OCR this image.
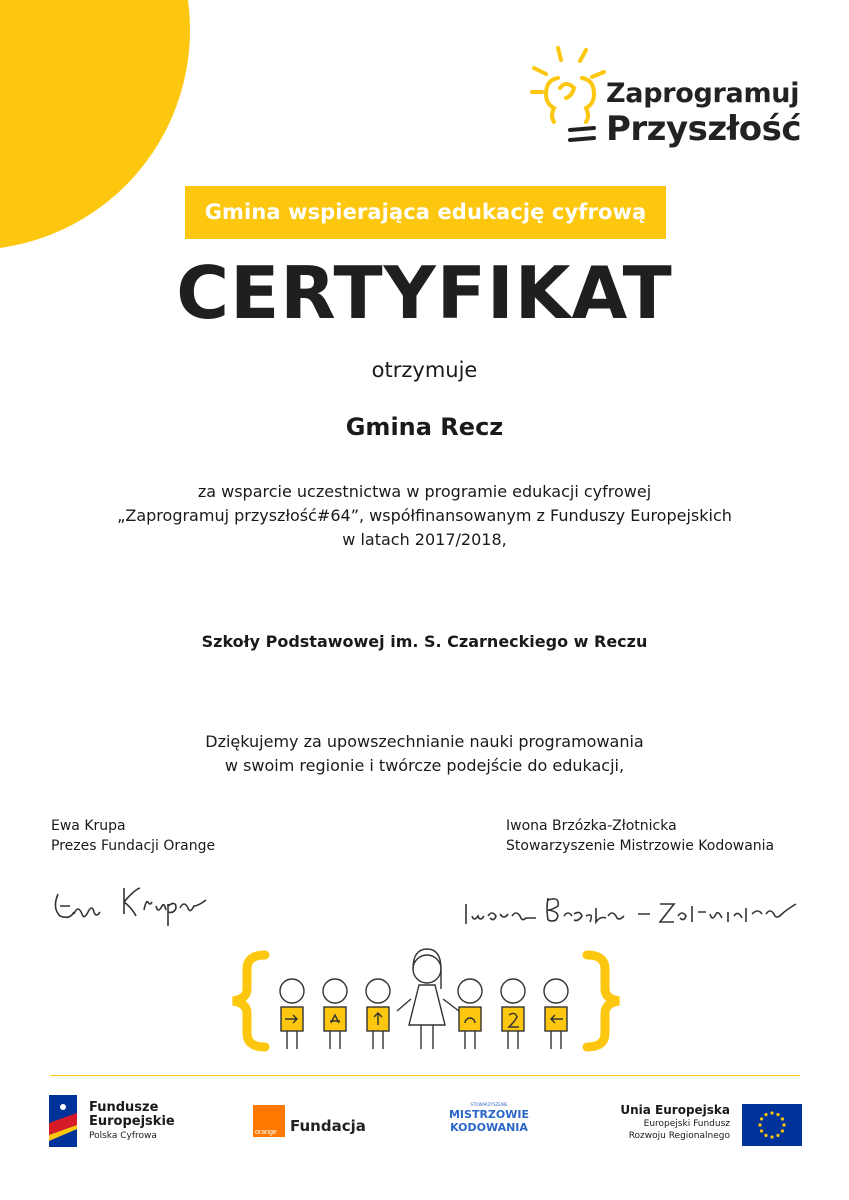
Zaprogramuj
Przyszłość
Gmina wspierająca edukację cyfrową
CERTYFIKAT
otrzymuje
Gmina Recz
za wsparcie uczestnictwa w programie edukacji cyfrowej
„Zaprogramuj przyszłość#64”, współfinansowanym z Funduszy Europejskich
w latach 2017/2018,
Szkoły Podstawowej im. S. Czarneckiego w Reczu
Dziękujemy za upowszechnianie nauki programowania
w swoim regionie i twórcze podejście do edukacji,
Ewa Krupa
Prezes Fundacji Orange
Iwona Brzózka-Złotnicka
Stowarzyszenie Mistrzowie Kodowania
Fundusze
Europejskie
Polska Cyfrowa	orange Fundacja
STOWARZYSZENIE
MISTRZOWIE
KODOWANIA
Unia Europejska
Europejski Fundusz
Rozwoju Regionalnego
